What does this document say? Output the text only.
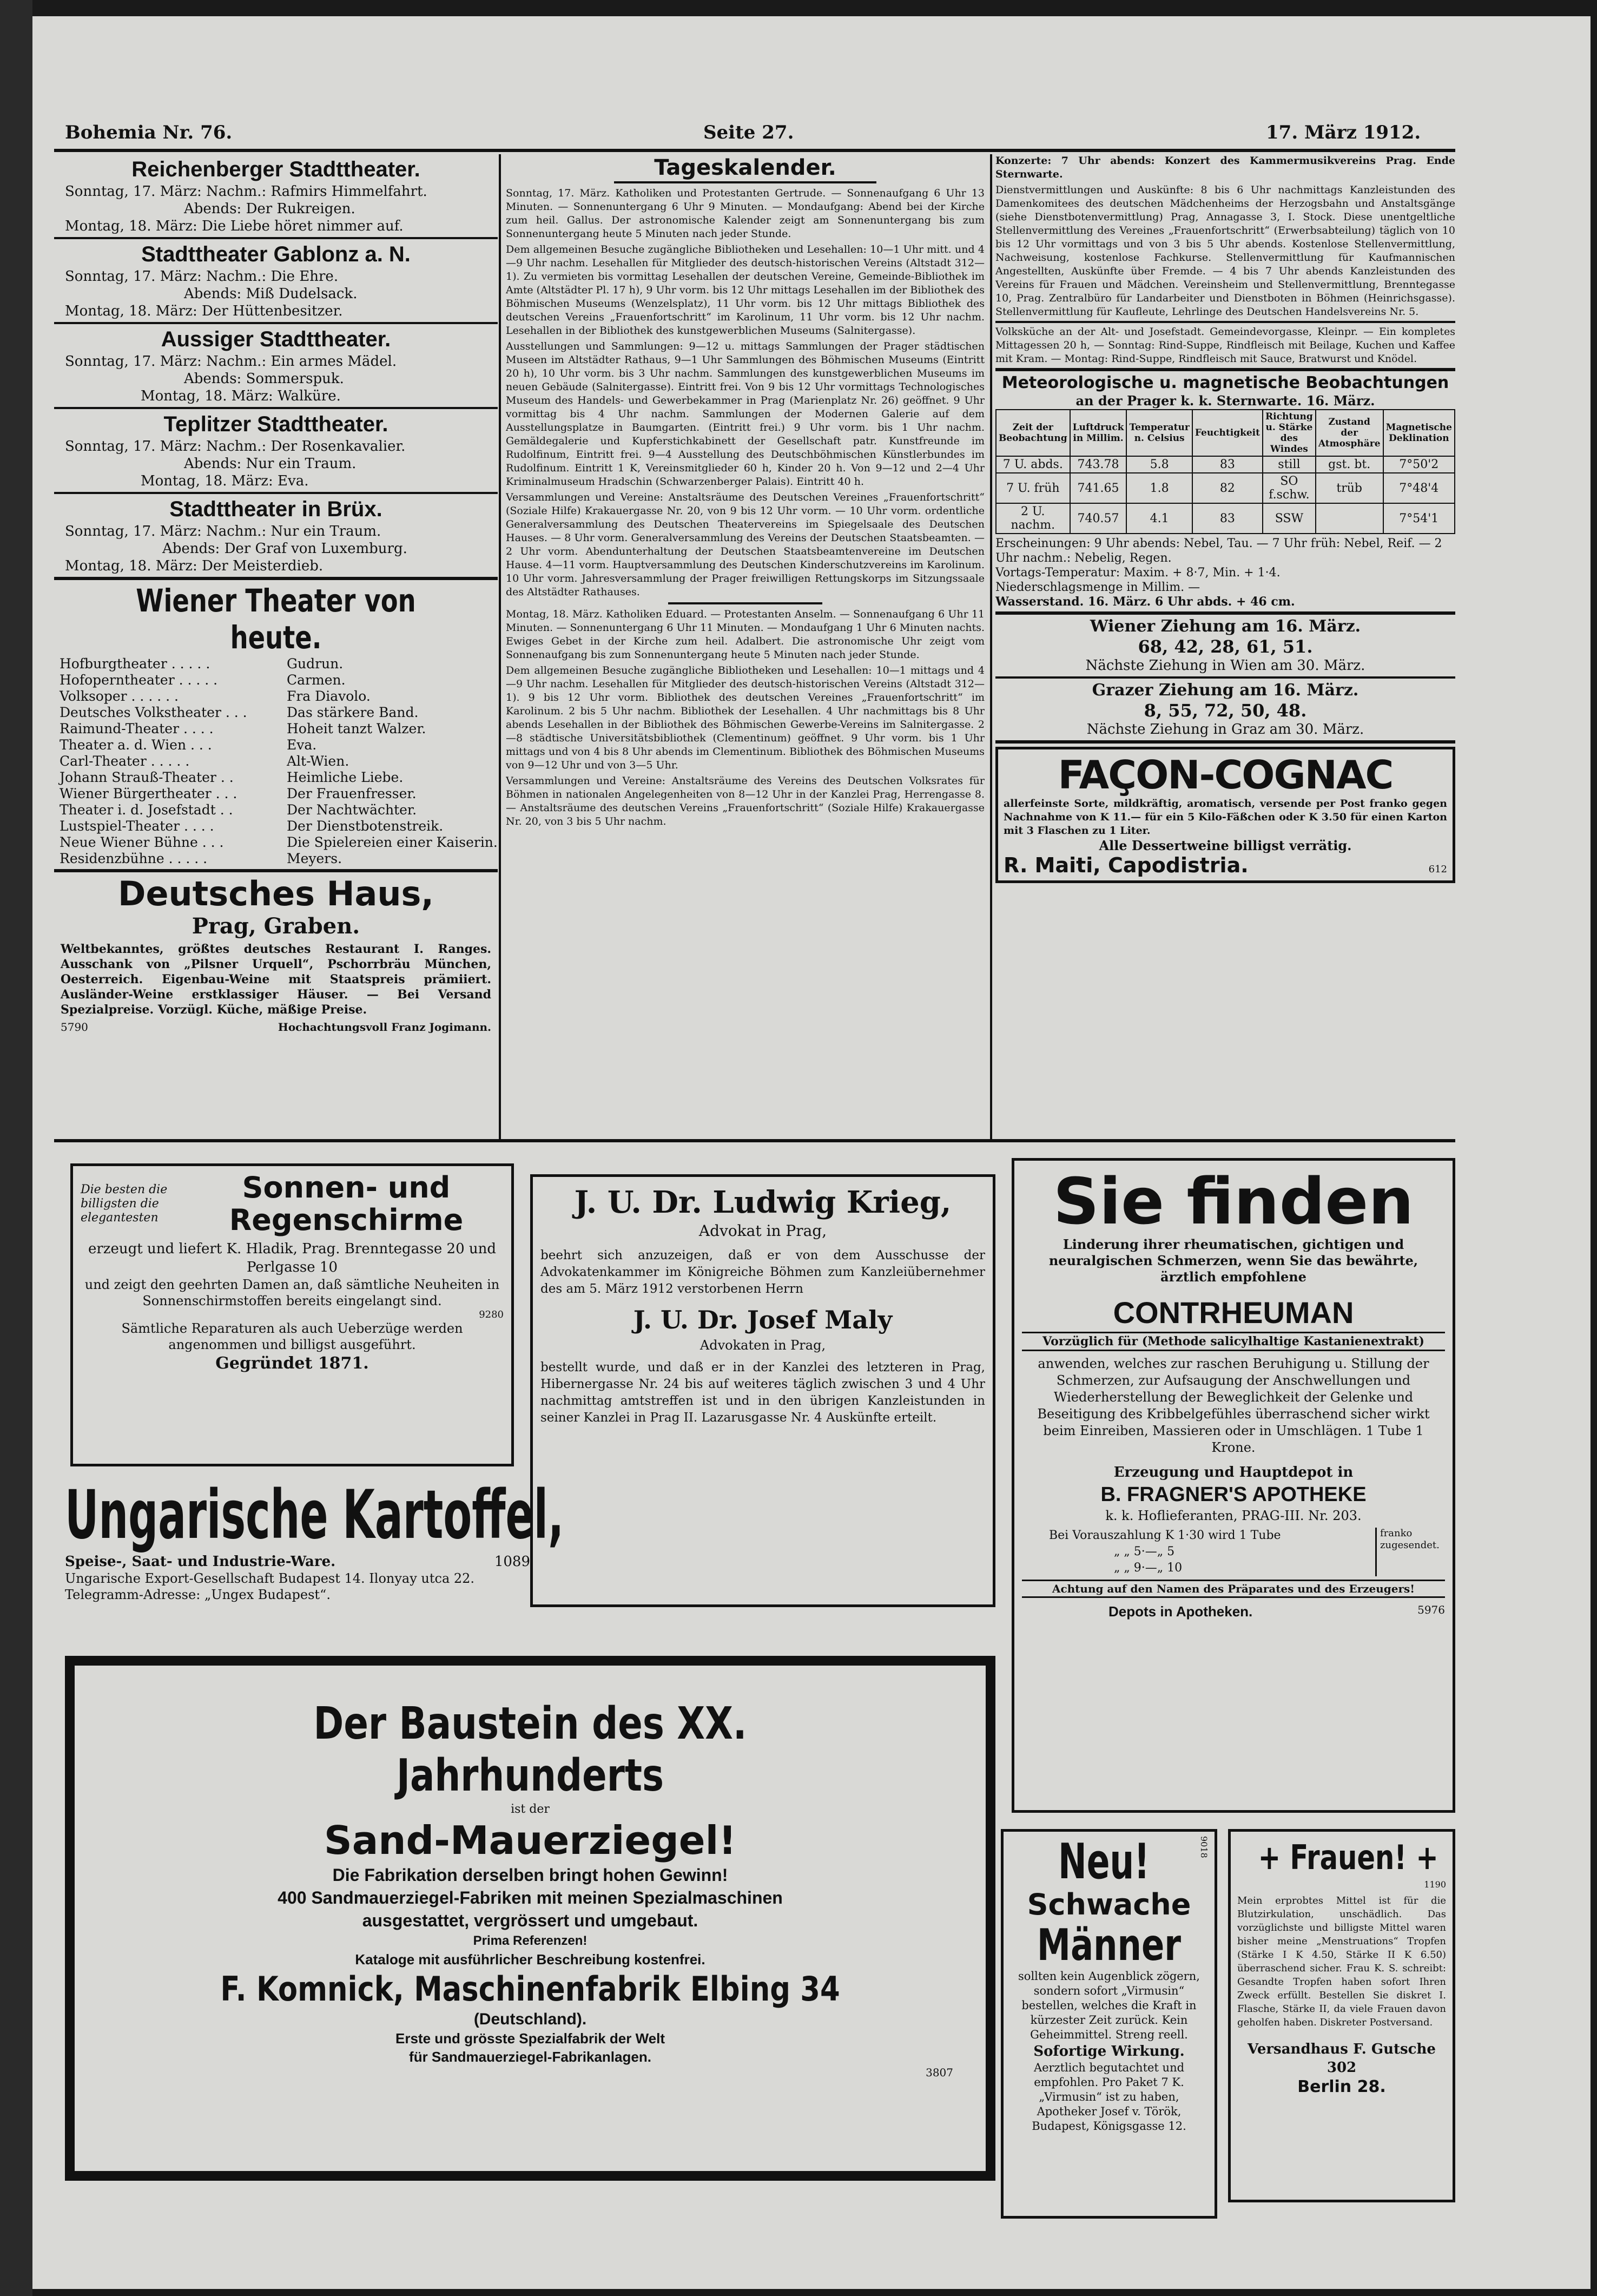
Bohemia Nr. 76.	Seite 27.	17. März 1912.
Reichenberger Stadttheater.
Sonntag, 17. März: Nachm.: Rafmirs Himmelfahrt.
Abends: Der Rukreigen.
Montag, 18. März: Die Liebe höret nimmer auf.
Stadttheater Gablonz a. N.
Sonntag, 17. März: Nachm.: Die Ehre.
Abends: Miß Dudelsack.
Montag, 18. März: Der Hüttenbesitzer.
Aussiger Stadttheater.
Sonntag, 17. März: Nachm.: Ein armes Mädel.
Abends: Sommerspuk.
Montag, 18. März: Walküre.
Teplitzer Stadttheater.
Sonntag, 17. März: Nachm.: Der Rosenkavalier.
Abends: Nur ein Traum.
Montag, 18. März: Eva.
Stadttheater in Brüx.
Sonntag, 17. März: Nachm.: Nur ein Traum.
Abends: Der Graf von Luxemburg.
Montag, 18. März: Der Meisterdieb.
Wiener Theater von heute.
Hofburgtheater . . . . .	Gudrun.
Hofoperntheater . . . . .	Carmen.
Volksoper . . . . . .	Fra Diavolo.
Deutsches Volkstheater . . .	Das stärkere Band.
Raimund-Theater . . . .	Hoheit tanzt Walzer.
Theater a. d. Wien . . .	Eva.
Carl-Theater . . . . .	Alt-Wien.
Johann Strauß-Theater . .	Heimliche Liebe.
Wiener Bürgertheater . . .	Der Frauenfresser.
Theater i. d. Josefstadt . .	Der Nachtwächter.
Lustspiel-Theater . . . .	Der Dienstbotenstreik.
Neue Wiener Bühne . . .	Die Spielereien einer Kaiserin.
Residenzbühne . . . . .	Meyers.
Deutsches Haus,
Prag, Graben.
Weltbekanntes, größtes deutsches Restaurant I. Ranges. Ausschank von „Pilsner Urquell“, Pschorrbräu München, Oesterreich. Eigenbau-Weine mit Staatspreis prämiiert. Ausländer-Weine erstklassiger Häuser. — Bei Versand Spezialpreise. Vorzügl. Küche, mäßige Preise.
5790	Hochachtungsvoll Franz Jogimann.
Tageskalender.
Sonntag, 17. März. Katholiken und Protestanten Gertrude. — Sonnenaufgang 6 Uhr 13 Minuten. — Sonnenuntergang 6 Uhr 9 Minuten. — Mondaufgang: Abend bei der Kirche zum heil. Gallus. Der astronomische Kalender zeigt am Sonnenuntergang bis zum Sonnenuntergang heute 5 Minuten nach jeder Stunde.
Dem allgemeinen Besuche zugängliche Bibliotheken und Lesehallen: 10—1 Uhr mitt. und 4—9 Uhr nachm. Lesehallen für Mitglieder des deutsch-historischen Vereins (Altstadt 312—1). Zu vermieten bis vormittag Lesehallen der deutschen Vereine, Gemeinde-Bibliothek im Amte (Altstädter Pl. 17 h), 9 Uhr vorm. bis 12 Uhr mittags Lesehallen im der Bibliothek des Böhmischen Museums (Wenzelsplatz), 11 Uhr vorm. bis 12 Uhr mittags Bibliothek des deutschen Vereins „Frauenfortschritt“ im Karolinum, 11 Uhr vorm. bis 12 Uhr nachm. Lesehallen in der Bibliothek des kunstgewerblichen Museums (Salnitergasse).
Ausstellungen und Sammlungen: 9—12 u. mittags Sammlungen der Prager städtischen Museen im Altstädter Rathaus, 9—1 Uhr Sammlungen des Böhmischen Museums (Eintritt 20 h), 10 Uhr vorm. bis 3 Uhr nachm. Sammlungen des kunstgewerblichen Museums im neuen Gebäude (Salnitergasse). Eintritt frei. Von 9 bis 12 Uhr vormittags Technologisches Museum des Handels- und Gewerbekammer in Prag (Marienplatz Nr. 26) geöffnet. 9 Uhr vormittag bis 4 Uhr nachm. Sammlungen der Modernen Galerie auf dem Ausstellungsplatze in Baumgarten. (Eintritt frei.) 9 Uhr vorm. bis 1 Uhr nachm. Gemäldegalerie und Kupferstichkabinett der Gesellschaft patr. Kunstfreunde im Rudolfinum, Eintritt frei. 9—4 Ausstellung des Deutschböhmischen Künstlerbundes im Rudolfinum. Eintritt 1 K, Vereinsmitglieder 60 h, Kinder 20 h. Von 9—12 und 2—4 Uhr Kriminalmuseum Hradschin (Schwarzenberger Palais). Eintritt 40 h.
Versammlungen und Vereine: Anstaltsräume des Deutschen Vereines „Frauenfortschritt“ (Soziale Hilfe) Krakauergasse Nr. 20, von 9 bis 12 Uhr vorm. — 10 Uhr vorm. ordentliche Generalversammlung des Deutschen Theatervereins im Spiegelsaale des Deutschen Hauses. — 8 Uhr vorm. Generalversammlung des Vereins der Deutschen Staatsbeamten. — 2 Uhr vorm. Abendunterhaltung der Deutschen Staatsbeamtenvereine im Deutschen Hause. 4—11 vorm. Hauptversammlung des Deutschen Kinderschutzvereins im Karolinum. 10 Uhr vorm. Jahresversammlung der Prager freiwilligen Rettungskorps im Sitzungssaale des Altstädter Rathauses.
Montag, 18. März. Katholiken Eduard. — Protestanten Anselm. — Sonnenaufgang 6 Uhr 11 Minuten. — Sonnenuntergang 6 Uhr 11 Minuten. — Mondaufgang 1 Uhr 6 Minuten nachts. Ewiges Gebet in der Kirche zum heil. Adalbert. Die astronomische Uhr zeigt vom Sonnenaufgang bis zum Sonnenuntergang heute 5 Minuten nach jeder Stunde.
Dem allgemeinen Besuche zugängliche Bibliotheken und Lesehallen: 10—1 mittags und 4—9 Uhr nachm. Lesehallen für Mitglieder des deutsch-historischen Vereins (Altstadt 312—1). 9 bis 12 Uhr vorm. Bibliothek des deutschen Vereines „Frauenfortschritt“ im Karolinum. 2 bis 5 Uhr nachm. Bibliothek der Lesehallen. 4 Uhr nachmittags bis 8 Uhr abends Lesehallen in der Bibliothek des Böhmischen Gewerbe-Vereins im Salnitergasse. 2—8 städtische Universitätsbibliothek (Clementinum) geöffnet. 9 Uhr vorm. bis 1 Uhr mittags und von 4 bis 8 Uhr abends im Clementinum. Bibliothek des Böhmischen Museums von 9—12 Uhr und von 3—5 Uhr.
Versammlungen und Vereine: Anstaltsräume des Vereins des Deutschen Volksrates für Böhmen in nationalen Angelegenheiten von 8—12 Uhr in der Kanzlei Prag, Herrengasse 8. — Anstaltsräume des deutschen Vereins „Frauenfortschritt“ (Soziale Hilfe) Krakauergasse Nr. 20, von 3 bis 5 Uhr nachm.
Konzerte: 7 Uhr abends: Konzert des Kammermusikvereins Prag. Ende Sternwarte.
Dienstvermittlungen und Auskünfte: 8 bis 6 Uhr nachmittags Kanzleistunden des Damenkomitees des deutschen Mädchenheims der Herzogsbahn und Anstaltsgänge (siehe Dienstbotenvermittlung) Prag, Annagasse 3, I. Stock. Diese unentgeltliche Stellenvermittlung des Vereines „Frauenfortschritt“ (Erwerbsabteilung) täglich von 10 bis 12 Uhr vormittags und von 3 bis 5 Uhr abends. Kostenlose Stellenvermittlung, Nachweisung, kostenlose Fachkurse. Stellenvermittlung für Kaufmannischen Angestellten, Auskünfte über Fremde. — 4 bis 7 Uhr abends Kanzleistunden des Vereins für Frauen und Mädchen. Vereinsheim und Stellenvermittlung, Brenntegasse 10, Prag. Zentralbüro für Landarbeiter und Dienstboten in Böhmen (Heinrichsgasse). Stellenvermittlung für Kaufleute, Lehrlinge des Deutschen Handelsvereins Nr. 5.
Volksküche an der Alt- und Josefstadt. Gemeindevorgasse, Kleinpr. — Ein kompletes Mittagessen 20 h, — Sonntag: Rind-Suppe, Rindfleisch mit Beilage, Kuchen und Kaffee mit Kram. — Montag: Rind-Suppe, Rindfleisch mit Sauce, Bratwurst und Knödel.
Meteorologische u. magnetische Beobachtungen
an der Prager k. k. Sternwarte. 16. März.
Zeit der Beobachtung	Luftdruck in Millim.	Temperatur n. Celsius	Feuchtigkeit	Richtung u. Stärke des Windes	Zustand der Atmosphäre	Magnetische Deklination
7 U. abds.	743.78	5.8	83	still	gst. bt.	7°50'2
7 U. früh	741.65	1.8	82	SO f.schw.	trüb	7°48'4
2 U. nachm.	740.57	4.1	83	SSW		7°54'1
Erscheinungen: 9 Uhr abends: Nebel, Tau. — 7 Uhr früh: Nebel, Reif. — 2 Uhr nachm.: Nebelig, Regen.
Vortags-Temperatur: Maxim. + 8·7, Min. + 1·4.
Niederschlagsmenge in Millim. —
Wasserstand. 16. März. 6 Uhr abds. + 46 cm.
Wiener Ziehung am 16. März.
68, 42, 28, 61, 51.
Nächste Ziehung in Wien am 30. März.
Grazer Ziehung am 16. März.
8, 55, 72, 50, 48.
Nächste Ziehung in Graz am 30. März.
FAÇON-COGNAC
allerfeinste Sorte, mildkräftig, aromatisch, versende per Post franko gegen Nachnahme von K 11.— für ein 5 Kilo-Fäßchen oder K 3.50 für einen Karton mit 3 Flaschen zu 1 Liter.
Alle Dessertweine billigst verrätig.
R. Maiti, Capodistria.	612
Die besten die billigsten die elegantesten
Sonnen- und Regenschirme
erzeugt und liefert K. Hladik, Prag. Brenntegasse 20 und Perlgasse 10
und zeigt den geehrten Damen an, daß sämtliche Neuheiten in Sonnenschirmstoffen bereits eingelangt sind.
9280
Sämtliche Reparaturen als auch Ueberzüge werden angenommen und billigst ausgeführt.
Gegründet 1871.
Ungarische Kartoffel,
Speise-, Saat- und Industrie-Ware.	1089
Ungarische Export-Gesellschaft Budapest 14. Ilonyay utca 22. Telegramm-Adresse: „Ungex Budapest“.
J. U. Dr. Ludwig Krieg,
Advokat in Prag,
beehrt sich anzuzeigen, daß er von dem Ausschusse der Advokatenkammer im Königreiche Böhmen zum Kanzleiübernehmer des am 5. März 1912 verstorbenen Herrn
J. U. Dr. Josef Maly
Advokaten in Prag,
bestellt wurde, und daß er in der Kanzlei des letzteren in Prag, Hibernergasse Nr. 24 bis auf weiteres täglich zwischen 3 und 4 Uhr nachmittag amtstreffen ist und in den übrigen Kanzleistunden in seiner Kanzlei in Prag II. Lazarusgasse Nr. 4 Auskünfte erteilt.
Sie finden
Linderung ihrer rheumatischen, gichtigen und neuralgischen Schmerzen, wenn Sie das bewährte, ärztlich empfohlene
CONTRHEUMAN
Vorzüglich für (Methode salicylhaltige Kastanienextrakt)
anwenden, welches zur raschen Beruhigung u. Stillung der Schmerzen, zur Aufsaugung der Anschwellungen und Wiederherstellung der Beweglichkeit der Gelenke und Beseitigung des Kribbelgefühles überraschend sicher wirkt beim Einreiben, Massieren oder in Umschlägen. 1 Tube 1 Krone.
Erzeugung und Hauptdepot in
B. FRAGNER'S APOTHEKE
k. k. Hoflieferanten, PRAG-III. Nr. 203.
Bei Vorauszahlung K 1·30 wird 1 Tube
„ „ 5·—„ 5
„ „ 9·—„ 10
franko zugesendet.
Achtung auf den Namen des Präparates und des Erzeugers!
Depots in Apotheken.	5976
Der Baustein des XX. Jahrhunderts
ist der
Sand-Mauerziegel!
Die Fabrikation derselben bringt hohen Gewinn!
400 Sandmauerziegel-Fabriken mit meinen Spezialmaschinen
ausgestattet, vergrössert und umgebaut.
Prima Referenzen!
Kataloge mit ausführlicher Beschreibung kostenfrei.
F. Komnick, Maschinenfabrik Elbing 34
(Deutschland).
Erste und grösste Spezialfabrik der Welt
für Sandmauerziegel-Fabrikanlagen.
3807
Neu!	9018
Schwache
Männer
sollten kein Augenblick zögern, sondern sofort „Virmusin“ bestellen, welches die Kraft in kürzester Zeit zurück. Kein Geheimmittel. Streng reell.
Sofortige Wirkung.
Aerztlich begutachtet und empfohlen. Pro Paket 7 K. „Virmusin“ ist zu haben, Apotheker Josef v. Török, Budapest, Königsgasse 12.
+ Frauen! +
1190
Mein erprobtes Mittel ist für die Blutzirkulation, unschädlich. Das vorzüglichste und billigste Mittel waren bisher meine „Menstruations“ Tropfen (Stärke I K 4.50, Stärke II K 6.50) überraschend sicher. Frau K. S. schreibt: Gesandte Tropfen haben sofort Ihren Zweck erfüllt. Bestellen Sie diskret I. Flasche, Stärke II, da viele Frauen davon geholfen haben. Diskreter Postversand.
Versandhaus F. Gutsche 302
Berlin 28.
